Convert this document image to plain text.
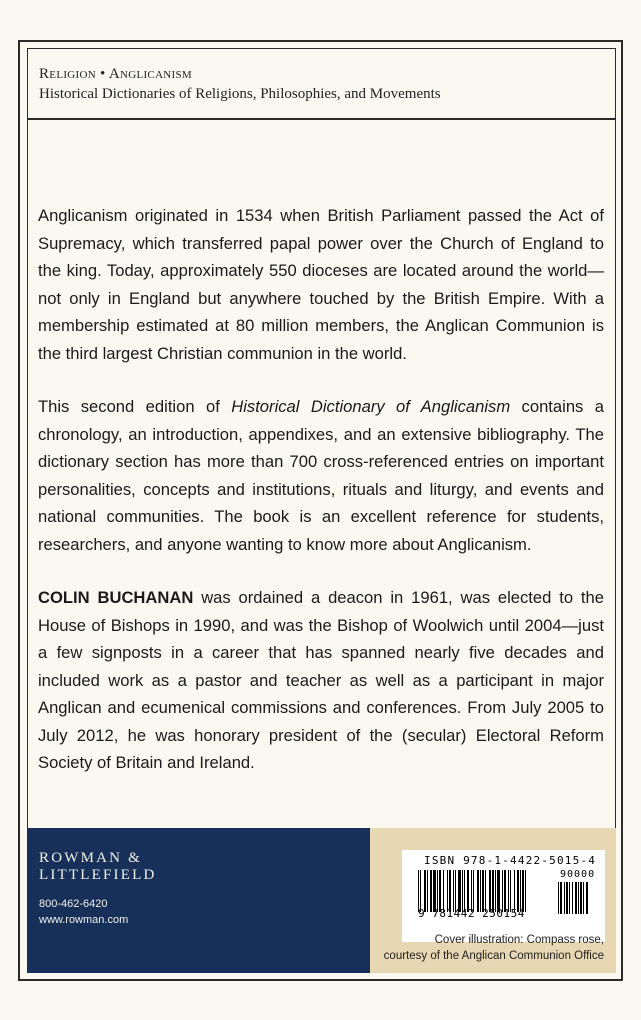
Religion • Anglicanism
Historical Dictionaries of Religions, Philosophies, and Movements

Anglicanism originated in 1534 when British Parliament passed the Act of Supremacy, which transferred papal power over the Church of England to the king. Today, approximately 550 dioceses are located around the world—not only in England but anywhere touched by the British Empire. With a membership estimated at 80 million members, the Anglican Communion is the third largest Christian communion in the world.

This second edition of Historical Dictionary of Anglicanism contains a chronology, an introduction, appendixes, and an extensive bibliography. The dictionary section has more than 700 cross-referenced entries on important personalities, concepts and institutions, rituals and liturgy, and events and national communities. The book is an excellent reference for students, researchers, and anyone wanting to know more about Anglicanism.

COLIN BUCHANAN was ordained a deacon in 1961, was elected to the House of Bishops in 1990, and was the Bishop of Woolwich until 2004—just a few signposts in a career that has spanned nearly five decades and included work as a pastor and teacher as well as a participant in major Anglican and ecumenical commissions and conferences. From July 2005 to July 2012, he was honorary president of the (secular) Electoral Reform Society of Britain and Ireland.

ROWMAN &
LITTLEFIELD
800-462-6420
www.rowman.com
ISBN 978-1-4422-5015-4
90000
9 781442 250154
Cover illustration: Compass rose,
courtesy of the Anglican Communion Office
